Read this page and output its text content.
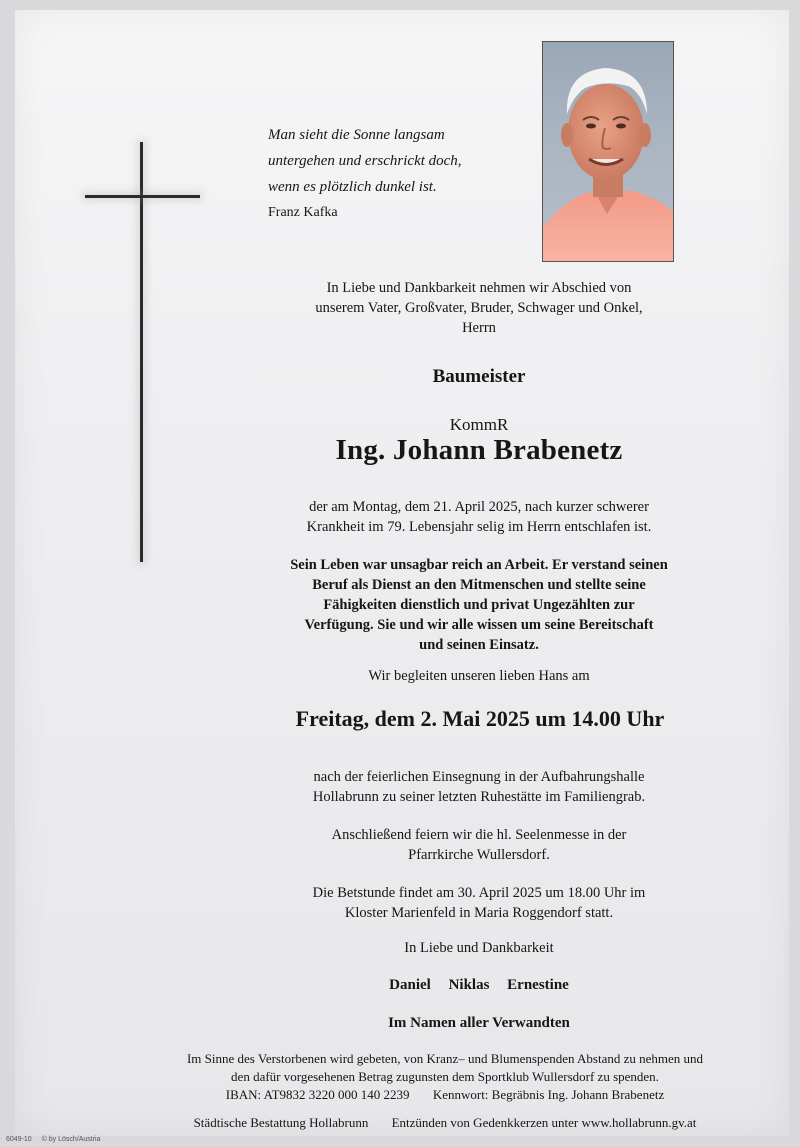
Man sieht die Sonne langsam
untergehen und erschrickt doch,
wenn es plötzlich dunkel ist.
Franz Kafka
In Liebe und Dankbarkeit nehmen wir Abschied von
unserem Vater, Großvater, Bruder, Schwager und Onkel,
Herrn
Baumeister
KommR
Ing. Johann Brabenetz
der am Montag, dem 21. April 2025, nach kurzer schwerer
Krankheit im 79. Lebensjahr selig im Herrn entschlafen ist.
Sein Leben war unsagbar reich an Arbeit. Er verstand seinen
Beruf als Dienst an den Mitmenschen und stellte seine
Fähigkeiten dienstlich und privat Ungezählten zur
Verfügung. Sie und wir alle wissen um seine Bereitschaft
und seinen Einsatz.
Wir begleiten unseren lieben Hans am
Freitag, dem 2. Mai 2025 um 14.00 Uhr
nach der feierlichen Einsegnung in der Aufbahrungshalle
Hollabrunn zu seiner letzten Ruhestätte im Familiengrab.
Anschließend feiern wir die hl. Seelenmesse in der
Pfarrkirche Wullersdorf.
Die Betstunde findet am 30. April 2025 um 18.00 Uhr im
Kloster Marienfeld in Maria Roggendorf statt.
In Liebe und Dankbarkeit
Daniel Niklas Ernestine
Im Namen aller Verwandten
Im Sinne des Verstorbenen wird gebeten, von Kranz– und Blumenspenden Abstand zu nehmen und
den dafür vorgesehenen Betrag zugunsten dem Sportklub Wullersdorf zu spenden.
IBAN: AT9832 3220 000 140 2239 Kennwort: Begräbnis Ing. Johann Brabenetz
Städtische Bestattung Hollabrunn Entzünden von Gedenkkerzen unter www.hollabrunn.gv.at
6049-10 © by Lösch/Austria
